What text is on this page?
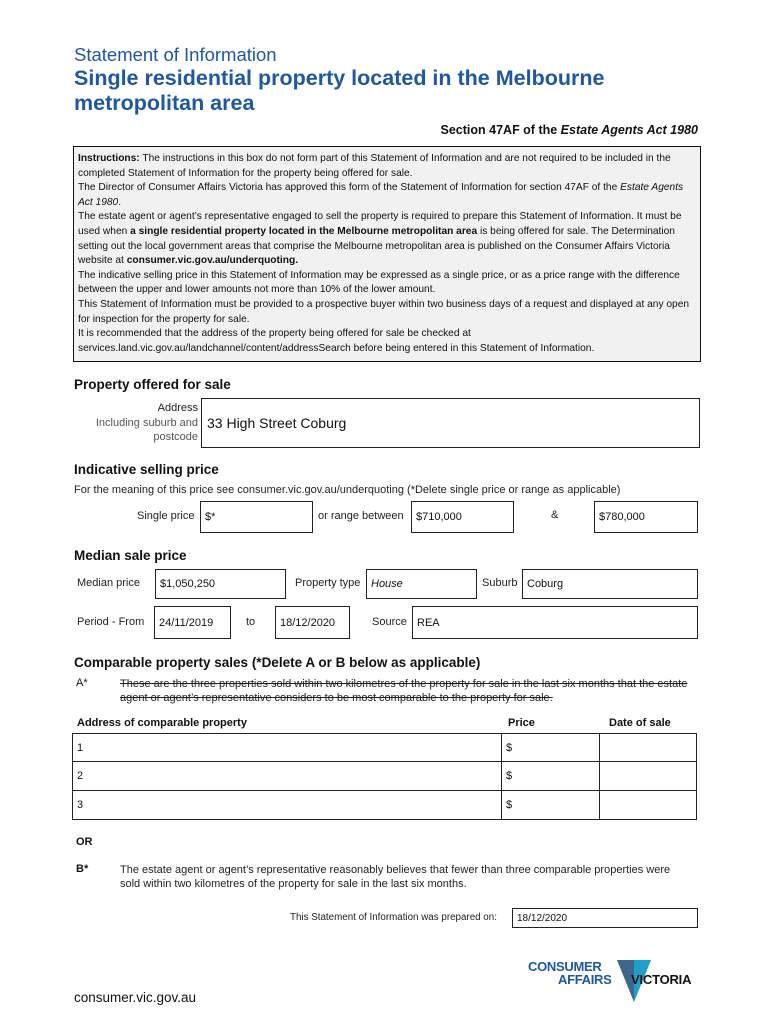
Statement of Information
Single residential property located in the Melbourne metropolitan area
Section 47AF of the Estate Agents Act 1980

Instructions: The instructions in this box do not form part of this Statement of Information and are not required to be included in the completed Statement of Information for the property being offered for sale.

The Director of Consumer Affairs Victoria has approved this form of the Statement of Information for section 47AF of the Estate Agents Act 1980.

The estate agent or agent’s representative engaged to sell the property is required to prepare this Statement of Information. It must be used when a single residential property located in the Melbourne metropolitan area is being offered for sale. The Determination setting out the local government areas that comprise the Melbourne metropolitan area is published on the Consumer Affairs Victoria website at consumer.vic.gov.au/underquoting.

The indicative selling price in this Statement of Information may be expressed as a single price, or as a price range with the difference between the upper and lower amounts not more than 10% of the lower amount.

This Statement of Information must be provided to a prospective buyer within two business days of a request and displayed at any open for inspection for the property for sale.

It is recommended that the address of the property being offered for sale be checked at services.land.vic.gov.au/landchannel/content/addressSearch before being entered in this Statement of Information.

Property offered for sale
Address
Including suburb and
postcode
33 High Street Coburg
Indicative selling price
For the meaning of this price see consumer.vic.gov.au/underquoting (*Delete single price or range as applicable)
Single price $*	or range between	$710,000	&	$780,000
Median sale price
Median price	$1,050,250	Property type House	Suburb Coburg
Period - From	24/11/2019	to	18/12/2020	Source REA
Comparable property sales (*Delete A or B below as applicable)
A*	These are the three properties sold within two kilometres of the property for sale in the last six months that the estate agent or agent’s representative considers to be most comparable to the property for sale.
Address of comparable property	Price	Date of sale
1	$
2	$
3	$
OR
B*	The estate agent or agent’s representative reasonably believes that fewer than three comparable properties were sold within two kilometres of the property for sale in the last six months.
This Statement of Information was prepared on:	18/12/2020
CONSUMER
AFFAIRS VICTORIA
consumer.vic.gov.au
